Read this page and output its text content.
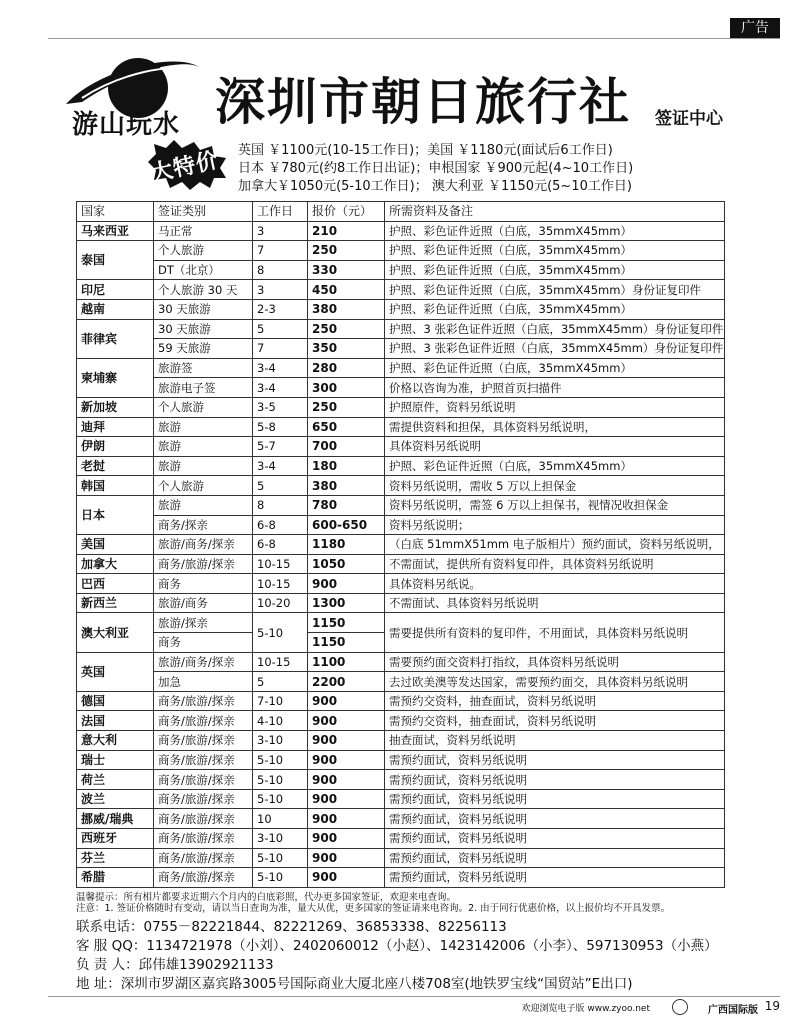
广告
游山玩水 深圳市朝日旅行社 签证中心
大特价 英国 ￥1100元(10-15工作日)；美国 ￥1180元(面试后6工作日)
日本 ￥780元(约8工作日出证)；申根国家 ￥900元起(4~10工作日)
加拿大￥1050元(5-10工作日)； 澳大利亚 ￥1150元(5~10工作日)
国家	签证类别	工作日	报价（元）	所需资料及备注
马来西亚	马正常	3	210	护照、彩色证件近照（白底，35mmX45mm）
泰国	个人旅游	7	250	护照、彩色证件近照（白底，35mmX45mm）
	DT（北京）	8	330	护照、彩色证件近照（白底，35mmX45mm）
印尼	个人旅游 30 天	3	450	护照、彩色证件近照（白底，35mmX45mm）身份证复印件
越南	30 天旅游	2-3	380	护照、彩色证件近照（白底，35mmX45mm）
菲律宾	30 天旅游	5	250	护照、3 张彩色证件近照（白底，35mmX45mm）身份证复印件
	59 天旅游	7	350	护照、3 张彩色证件近照（白底，35mmX45mm）身份证复印件
柬埔寨	旅游签	3-4	280	护照、彩色证件近照（白底，35mmX45mm）
	旅游电子签	3-4	300	价格以咨询为准，护照首页扫描件
新加坡	个人旅游	3-5	250	护照原件，资料另纸说明
迪拜	旅游	5-8	650	需提供资料和担保，具体资料另纸说明，
伊朗	旅游	5-7	700	具体资料另纸说明
老挝	旅游	3-4	180	护照、彩色证件近照（白底，35mmX45mm）
韩国	个人旅游	5	380	资料另纸说明，需收 5 万以上担保金
日本	旅游	8	780	资料另纸说明，需签 6 万以上担保书，视情况收担保金
	商务/探亲	6-8	600-650	资料另纸说明；
美国	旅游/商务/探亲	6-8	1180	（白底 51mmX51mm 电子版相片）预约面试，资料另纸说明，
加拿大	商务/旅游/探亲	10-15	1050	不需面试，提供所有资料复印件，具体资料另纸说明
巴西	商务	10-15	900	具体资料另纸说。
新西兰	旅游/商务	10-20	1300	不需面试、具体资料另纸说明
澳大利亚	旅游/探亲	5-10	1150	需要提供所有资料的复印件，不用面试，具体资料另纸说明
	商务		1150	
英国	旅游/商务/探亲	10-15	1100	需要预约面交资料打指纹，具体资料另纸说明
	加急	5	2200	去过欧美澳等发达国家，需要预约面交，具体资料另纸说明
德国	商务/旅游/探亲	7-10	900	需预约交资料，抽查面试，资料另纸说明
法国	商务/旅游/探亲	4-10	900	需预约交资料，抽查面试，资料另纸说明
意大利	商务/旅游/探亲	3-10	900	抽查面试，资料另纸说明
瑞士	商务/旅游/探亲	5-10	900	需预约面试，资料另纸说明
荷兰	商务/旅游/探亲	5-10	900	需预约面试，资料另纸说明
波兰	商务/旅游/探亲	5-10	900	需预约面试，资料另纸说明
挪威/瑞典	商务/旅游/探亲	10	900	需预约面试，资料另纸说明
西班牙	商务/旅游/探亲	3-10	900	需预约面试，资料另纸说明
芬兰	商务/旅游/探亲	5-10	900	需预约面试，资料另纸说明
希腊	商务/旅游/探亲	5-10	900	需预约面试，资料另纸说明
温馨提示：所有相片都要求近期六个月内的白底彩照，代办更多国家签证，欢迎来电查询。
注意：1. 签证价格随时有变动，请以当日查询为准，量大从优，更多国家的签证请来电咨询。2. 由于同行优惠价格，以上报价均不开具发票。
联系电话：0755－82221844、82221269、36853338、82256113
客 服 QQ：1134721978（小刘）、2402060012（小赵）、1423142006（小李）、597130953（小燕）
负 责 人：邱伟雄13902921133
地 址：深圳市罗湖区嘉宾路3005号国际商业大厦北座八楼708室(地铁罗宝线“国贸站”E出口)
欢迎浏览电子版 www.zyoo.net	广西国际版 19
